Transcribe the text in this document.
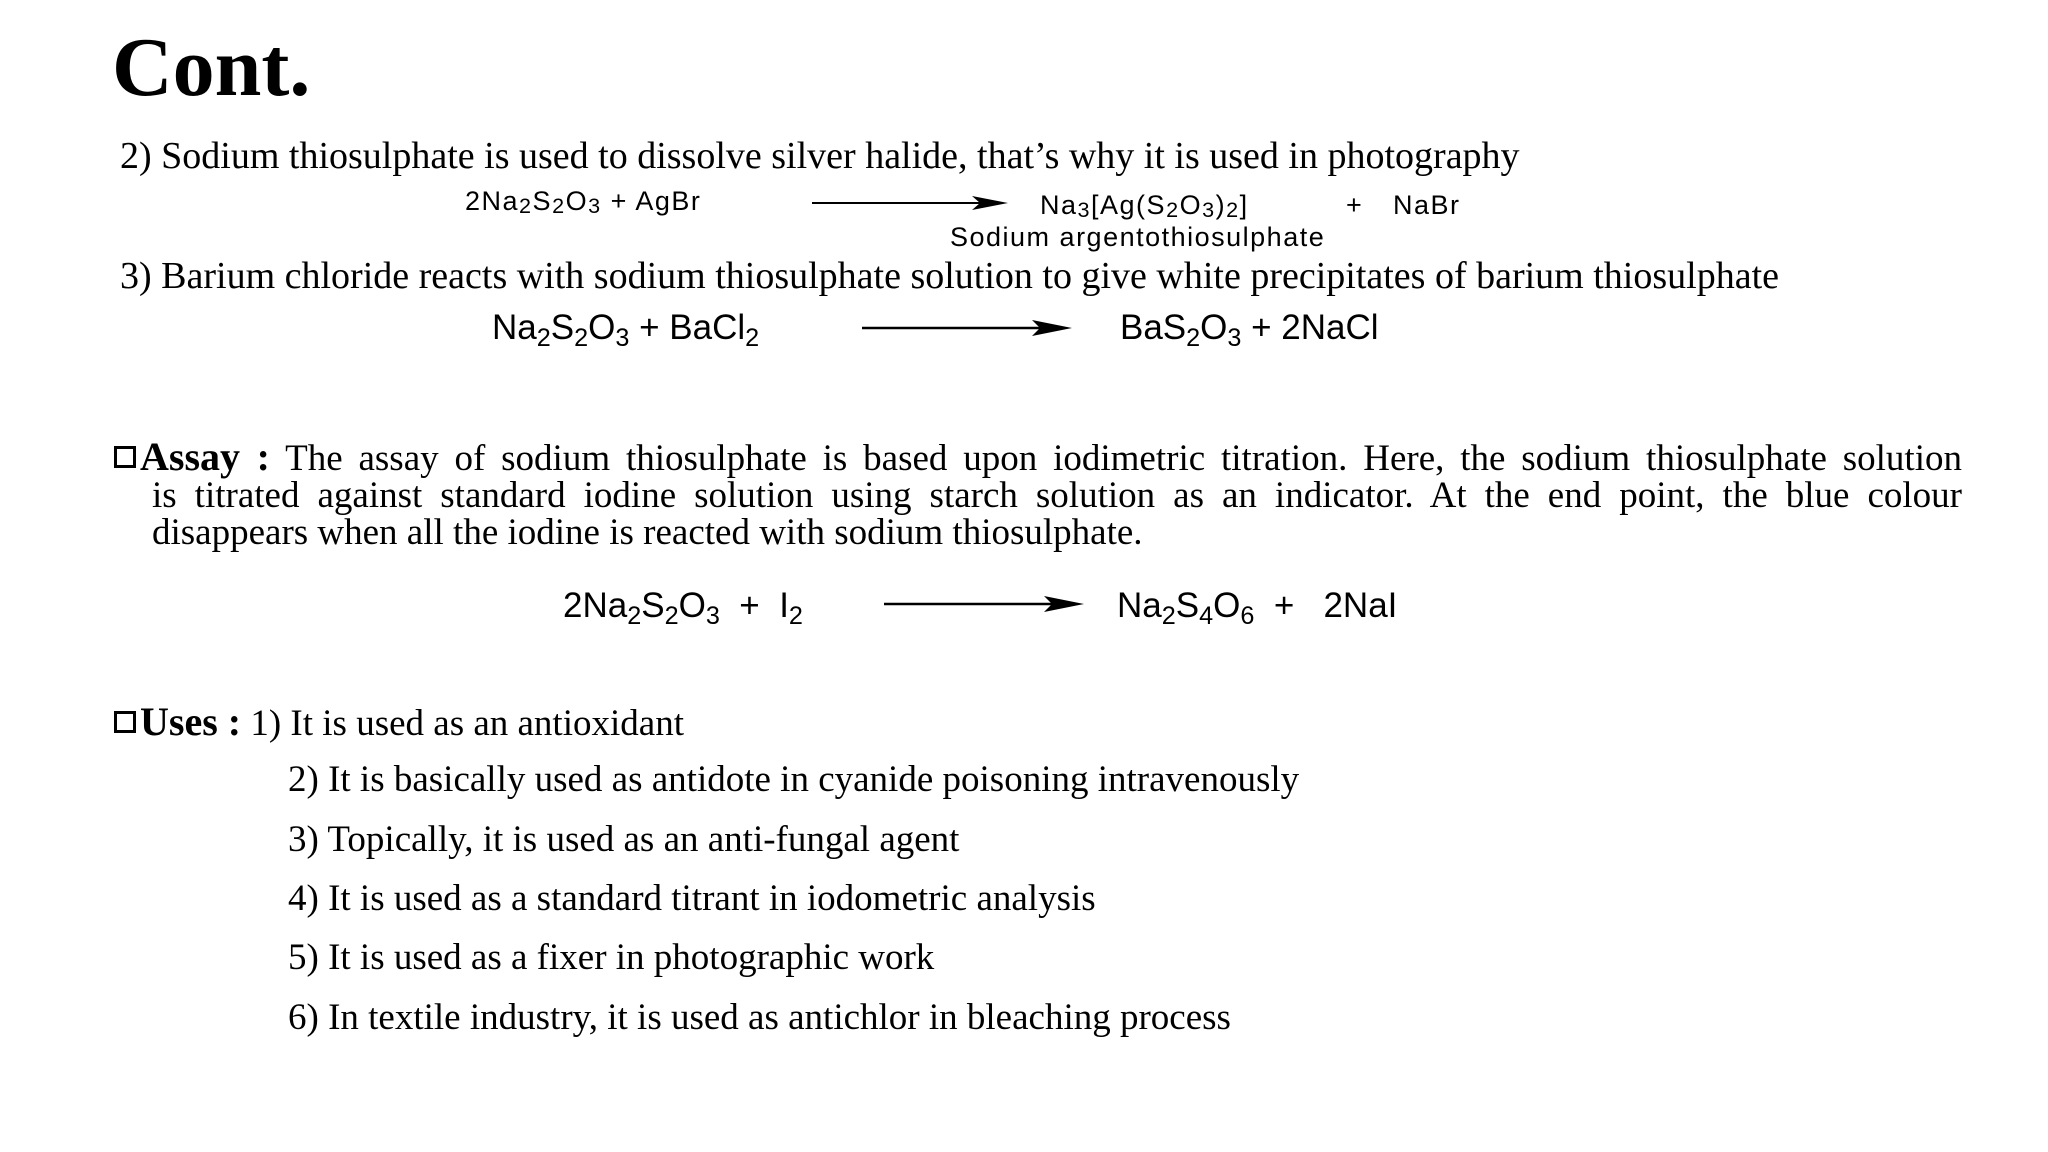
Cont.
2) Sodium thiosulphate is used to dissolve silver halide, that’s why it is used in photography
$2Na_2S_2O_3$ + AgBr	$Na_3[Ag(S_2O_3)_2]$	+ NaBr
Sodium argentothiosulphate
3) Barium chloride reacts with sodium thiosulphate solution to give white precipitates of barium thiosulphate
$Na_2S_2O_3$ + BaCl$_2$	$BaS_2O_3$ + 2NaCl
Assay : The assay of sodium thiosulphate is based upon iodimetric titration. Here, the sodium thiosulphate solution
is titrated against standard iodine solution using starch solution as an indicator. At the end point, the blue colour
disappears when all the iodine is reacted with sodium thiosulphate.
$2Na_2S_2O_3 + I_2$	$Na_2S_4O_6 + 2NaI$
Uses : 1) It is used as an antioxidant
2) It is basically used as antidote in cyanide poisoning intravenously
3) Topically, it is used as an anti-fungal agent
4) It is used as a standard titrant in iodometric analysis
5) It is used as a fixer in photographic work
6) In textile industry, it is used as antichlor in bleaching process
